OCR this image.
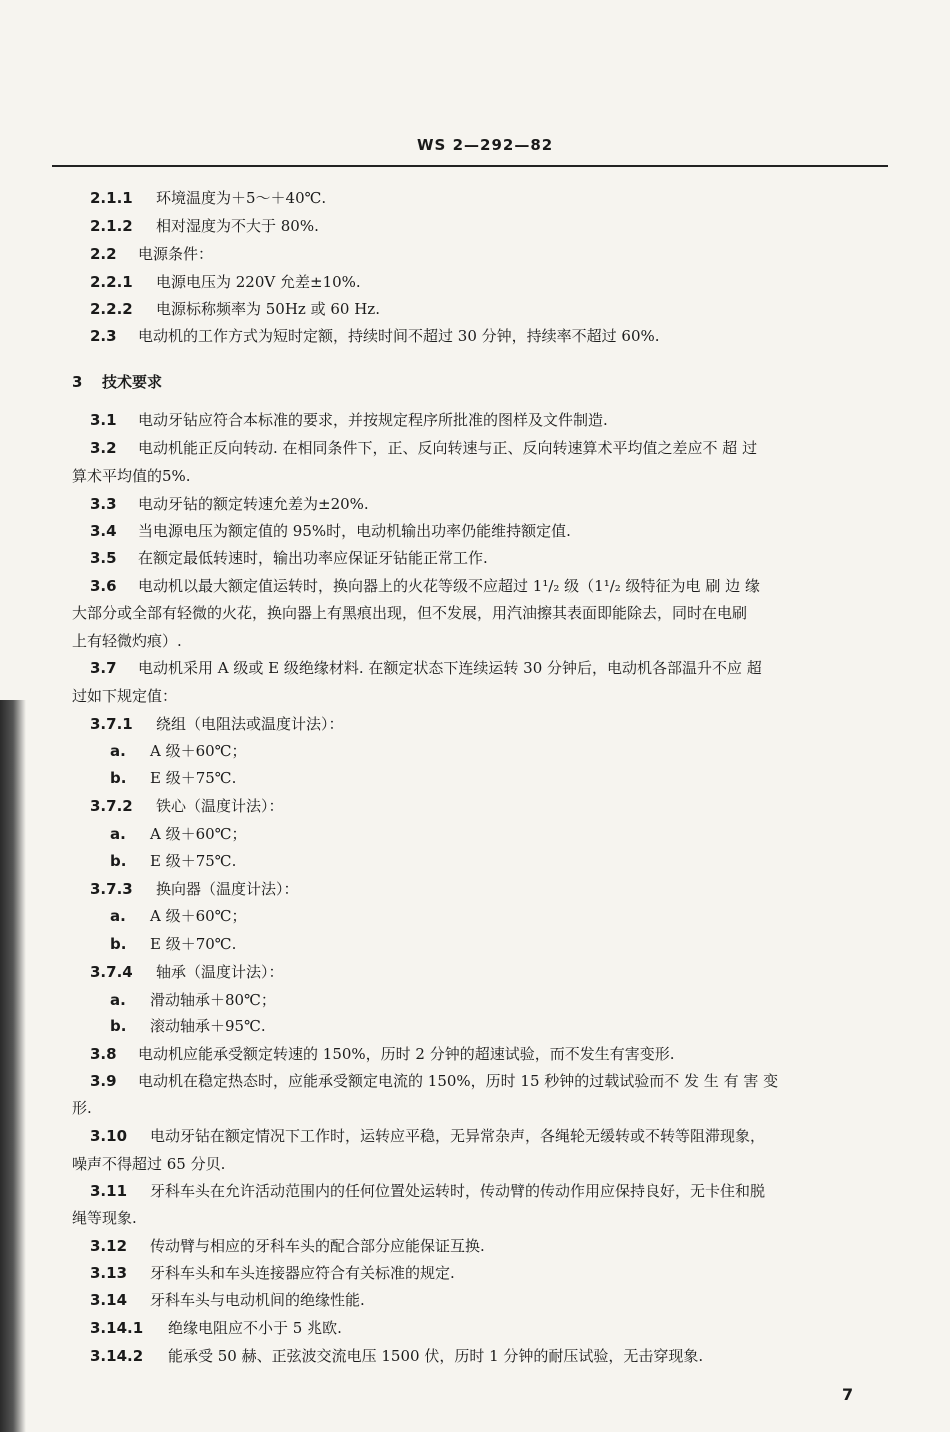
WS 2—292—82
2.1.1 环境温度为＋5～＋40℃.
2.1.2 相对湿度为不大于 80%.
2.2 电源条件：
2.2.1 电源电压为 220V 允差±10%.
2.2.2 电源标称频率为 50Hz 或 60 Hz.
2.3 电动机的工作方式为短时定额，持续时间不超过 30 分钟，持续率不超过 60%.
3 技术要求
3.1 电动牙钻应符合本标准的要求，并按规定程序所批准的图样及文件制造.
3.2 电动机能正反向转动. 在相同条件下，正、反向转速与正、反向转速算术平均值之差应不 超 过
算术平均值的5%.
3.3 电动牙钻的额定转速允差为±20%.
3.4 当电源电压为额定值的 95%时，电动机输出功率仍能维持额定值.
3.5 在额定最低转速时，输出功率应保证牙钻能正常工作.
3.6 电动机以最大额定值运转时，换向器上的火花等级不应超过 1¹/₂ 级（1¹/₂ 级特征为电 刷 边 缘
大部分或全部有轻微的火花，换向器上有黑痕出现，但不发展，用汽油擦其表面即能除去，同时在电刷
上有轻微灼痕）.
3.7 电动机采用 A 级或 E 级绝缘材料. 在额定状态下连续运转 30 分钟后，电动机各部温升不应 超
过如下规定值：
3.7.1 绕组（电阻法或温度计法）：
a. A 级＋60℃；
b. E 级＋75℃.
3.7.2 铁心（温度计法）：
a. A 级＋60℃；
b. E 级＋75℃.
3.7.3 换向器（温度计法）：
a. A 级＋60℃；
b. E 级＋70℃.
3.7.4 轴承（温度计法）：
a. 滑动轴承＋80℃；
b. 滚动轴承＋95℃.
3.8 电动机应能承受额定转速的 150%，历时 2 分钟的超速试验，而不发生有害变形.
3.9 电动机在稳定热态时，应能承受额定电流的 150%，历时 15 秒钟的过载试验而不 发 生 有 害 变
形.
3.10 电动牙钻在额定情况下工作时，运转应平稳，无异常杂声，各绳轮无缓转或不转等阻滞现象，
噪声不得超过 65 分贝.
3.11 牙科车头在允许活动范围内的任何位置处运转时，传动臂的传动作用应保持良好，无卡住和脱
绳等现象.
3.12 传动臂与相应的牙科车头的配合部分应能保证互换.
3.13 牙科车头和车头连接器应符合有关标准的规定.
3.14 牙科车头与电动机间的绝缘性能.
3.14.1 绝缘电阻应不小于 5 兆欧.
3.14.2 能承受 50 赫、正弦波交流电压 1500 伏，历时 1 分钟的耐压试验，无击穿现象.
7
